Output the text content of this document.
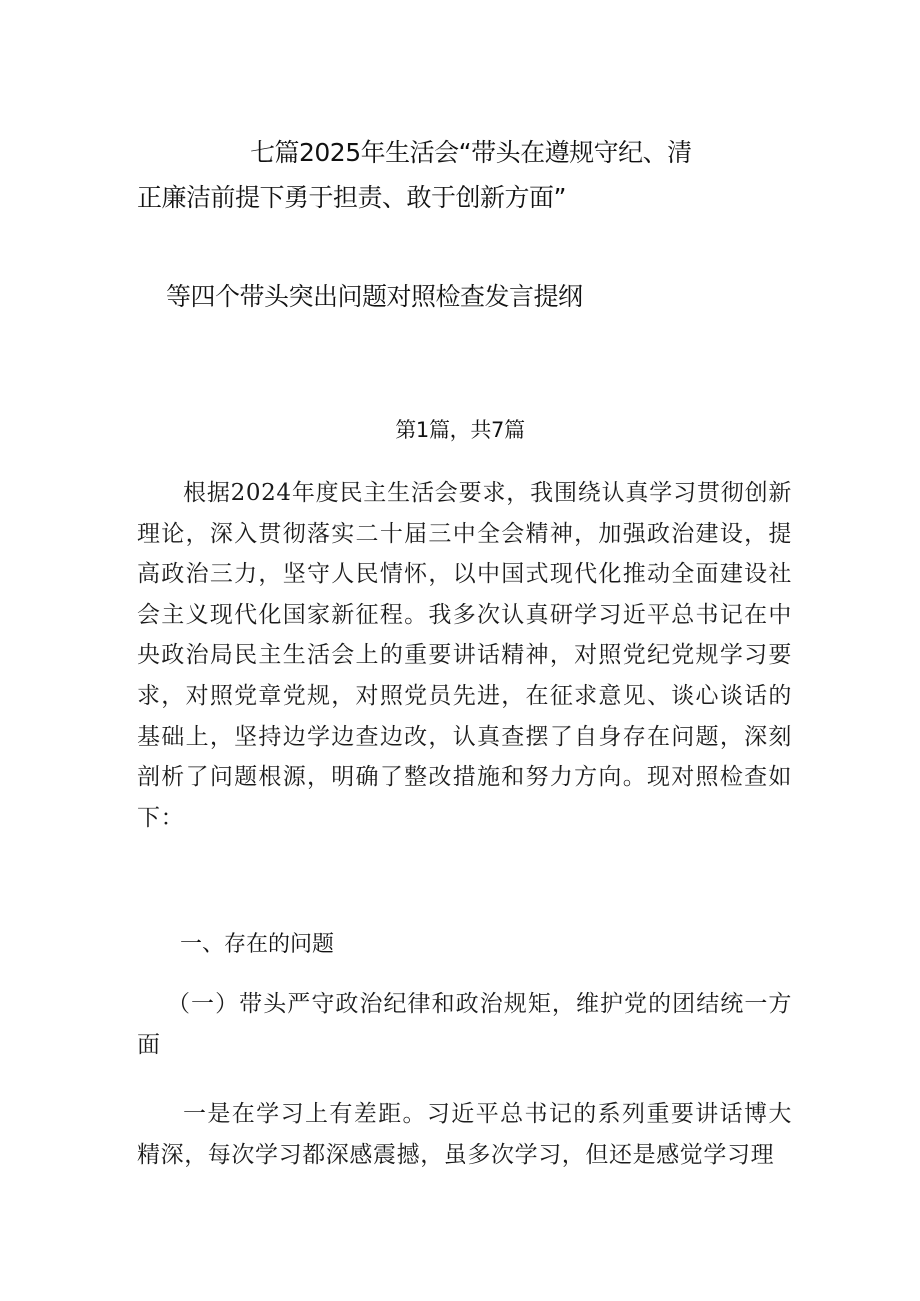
七篇2025年生活会“带头在遵规守纪、清
正廉洁前提下勇于担责、敢于创新方面”
等四个带头突出问题对照检查发言提纲
第1篇，共7篇

根据2024年度民主生活会要求，我围绕认真学习贯彻创新理论，深入贯彻落实二十届三中全会精神，加强政治建设，提高政治三力，坚守人民情怀，以中国式现代化推动全面建设社会主义现代化国家新征程。我多次认真研学习近平总书记在中央政治局民主生活会上的重要讲话精神，对照党纪党规学习要求，对照党章党规，对照党员先进，在征求意见、谈心谈话的基础上，坚持边学边查边改，认真查摆了自身存在问题，深刻剖析了问题根源，明确了整改措施和努力方向。现对照检查如下：

一、存在的问题

（一）带头严守政治纪律和政治规矩，维护党的团结统一方面

一是在学习上有差距。习近平总书记的系列重要讲话博大精深，每次学习都深感震撼，虽多次学习，但还是感觉学习理
